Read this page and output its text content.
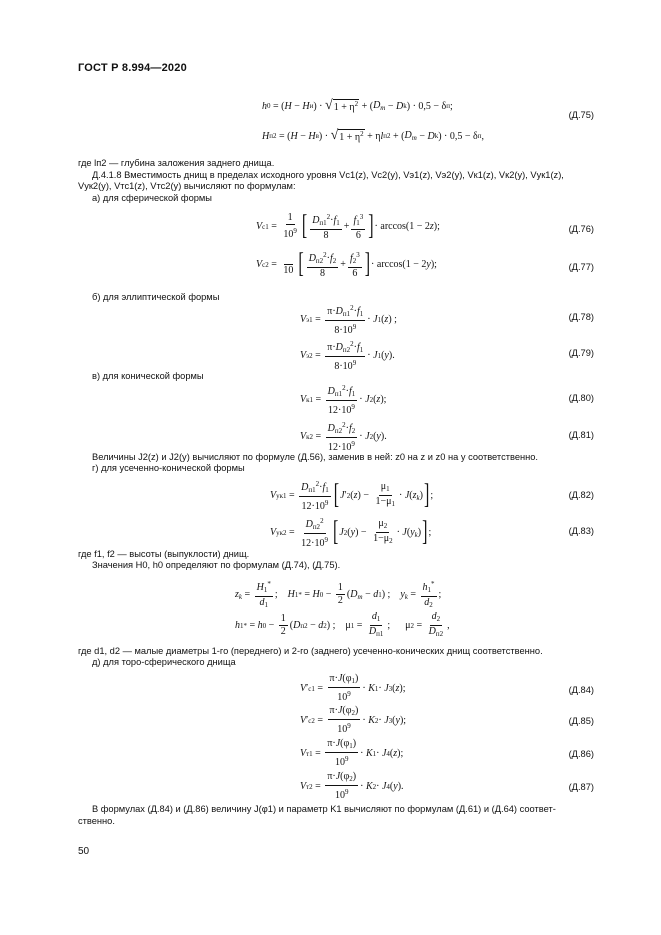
ГОСТ Р 8.994—2020
h 0 = ( H − H и ) · √ $1 + \eta^2$ + ( $D_m - D$ k ) · 0,5 − δ п ;
H п2 = ( H − H в ) · √ $1 + \eta^2 + \eta$ l п2 + ( $D_m - D$ k ) · 0,5 − δ п ,
(Д.75)
где lп2 — глубина заложения заднего днища.
Д.4.1.8 Вместимость днищ в пределах исходного уровня Vс1(z), Vс2(y), Vэ1(z), Vэ2(y), Vк1(z), Vк2(y), Vук1(z),
Vук2(y), Vтс1(z), Vтс2(y) вычисляют по формулам:
а) для сферической формы
V $с1 = \frac{1}{10^9}$ [ $\frac{D_{п1}^2\cdot f_1}{8} + \frac{f_1^3}{6}$ ] · arccos(1 − 2 z );	(Д.76)
V с2 =

10 [ $\frac{D_{п2}^2\cdot f_2}{8} + \frac{f_2^3}{6}$ ] · arccos(1 − 2 y );	(Д.77)
б) для эллиптической формы
V $э1 = \frac{\pi\cdot D_{п1}^2\cdot f_1}{8\cdot 10^9} \cdot J$ 1 ( z ) ;	(Д.78)
V $э2 = \frac{\pi\cdot D_{п2}^2\cdot f_1}{8\cdot 10^9} \cdot J$ 1 ( y ).	(Д.79)
в) для конической формы
V $к1 = \frac{D_{п1}^2\cdot f_1}{12\cdot 10^9} \cdot J$ 2 ( z );	(Д.80)
V $к2 = \frac{D_{п2}^2\cdot f_2}{12\cdot 10^9} \cdot J$ 2 ( y ).	(Д.81)
Величины J2(z) и J2(y) вычисляют по формуле (Д.56), заменив в ней: z0 на z и z0 на y соответственно.
г) для усеченно-конической формы
V $ук1 = \frac{D_{п1}^2\cdot f_1}{12\cdot 10^9}$ [ J ′ 2 ( z ) − $\frac{\mu_1}{1-\mu_1} \cdot J$ ( $z_k$ ) ] ;	(Д.82)
V $ук2 = \frac{D_{п2}^2}{12\cdot 10^9}$ [ J 2 ( y ) − $\frac{\mu_2}{1-\mu_2} \cdot J$ ( $y_k$ ) ] ;	(Д.83)
где f1, f2 — высоты (выпуклости) днищ.
Значения H0, h0 определяют по формулам (Д.74), (Д.75).
$z_k = \frac{H_1^*}{d_1}$ ; H 1 * = H $0 - \frac{1}{2}$ ( $D_m - d$ 1 ) ; $y_k = \frac{h_1^*}{d_2}$ ;
h 1 * = h $0 - \frac{1}{2}$ ( D п2 − d 2 ) ;    μ $1 = \frac{d_1}{D_{п1}}$ ;      μ $2 = \frac{d_2}{D_{п2}}$ ,
где d1, d2 — малые диаметры 1-го (переднего) и 2-го (заднего) усеченно-конических днищ соответственно.
д) для торо-сферического днища
V ′ $с1 = \frac{\pi\cdot J(\varphi_1)}{10^9} \cdot K$ 1 · J 3 ( z );	(Д.84)
V ′ $с2 = \frac{\pi\cdot J(\varphi_2)}{10^9} \cdot K$ 2 · J 3 ( y );	(Д.85)
V $т1 = \frac{\pi\cdot J(\varphi_1)}{10^9} \cdot K$ 1 · J 4 ( z );	(Д.86)
V $т2 = \frac{\pi\cdot J(\varphi_2)}{10^9} \cdot K$ 2 · J 4 ( y ).	(Д.87)
В формулах (Д.84) и (Д.86) величину J(φ1) и параметр K1 вычисляют по формулам (Д.61) и (Д.64) соответ-
ственно.
50
